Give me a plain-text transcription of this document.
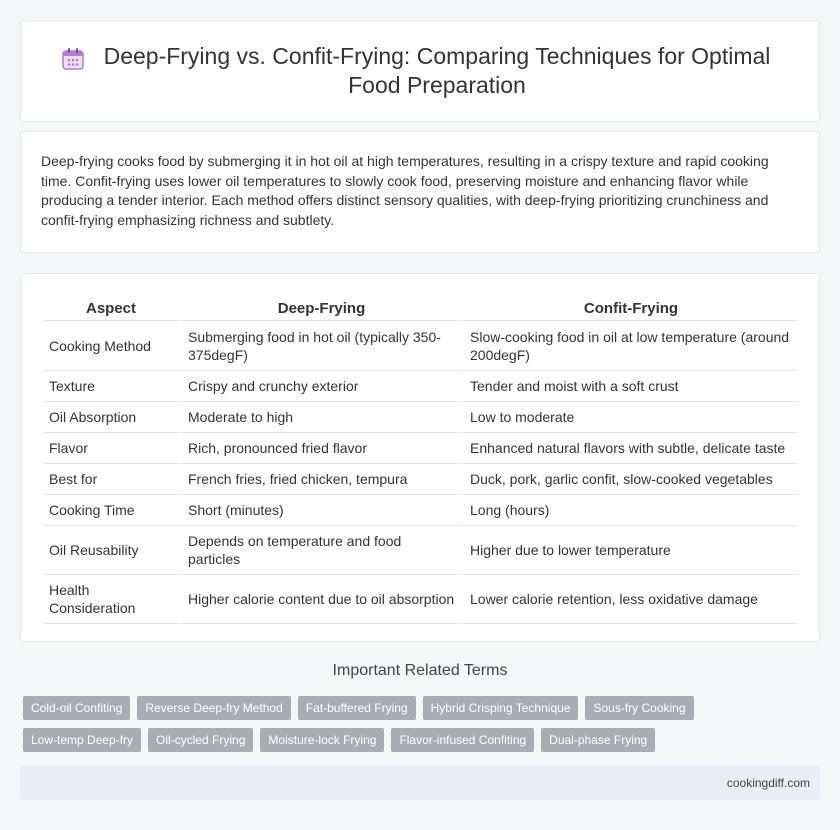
Deep-Frying vs. Confit-Frying: Comparing Techniques for Optimal Food Preparation

Deep-frying cooks food by submerging it in hot oil at high temperatures, resulting in a crispy texture and rapid cooking time. Confit-frying uses lower oil temperatures to slowly cook food, preserving moisture and enhancing flavor while producing a tender interior. Each method offers distinct sensory qualities, with deep-frying prioritizing crunchiness and confit-frying emphasizing richness and subtlety.

Aspect	Deep-Frying	Confit-Frying
Cooking Method	Submerging food in hot oil (typically 350-375degF)	Slow-cooking food in oil at low temperature (around 200degF)
Texture	Crispy and crunchy exterior	Tender and moist with a soft crust
Oil Absorption	Moderate to high	Low to moderate
Flavor	Rich, pronounced fried flavor	Enhanced natural flavors with subtle, delicate taste
Best for	French fries, fried chicken, tempura	Duck, pork, garlic confit, slow-cooked vegetables
Cooking Time	Short (minutes)	Long (hours)
Oil Reusability	Depends on temperature and food particles	Higher due to lower temperature
Health Consideration	Higher calorie content due to oil absorption	Lower calorie retention, less oxidative damage
Important Related Terms
Cold-oil Confiting	Reverse Deep-fry Method	Fat-buffered Frying	Hybrid Crisping Technique	Sous-fry Cooking
Low-temp Deep-fry	Oil-cycled Frying	Moisture-lock Frying	Flavor-infused Confiting	Dual-phase Frying
cookingdiff.com
